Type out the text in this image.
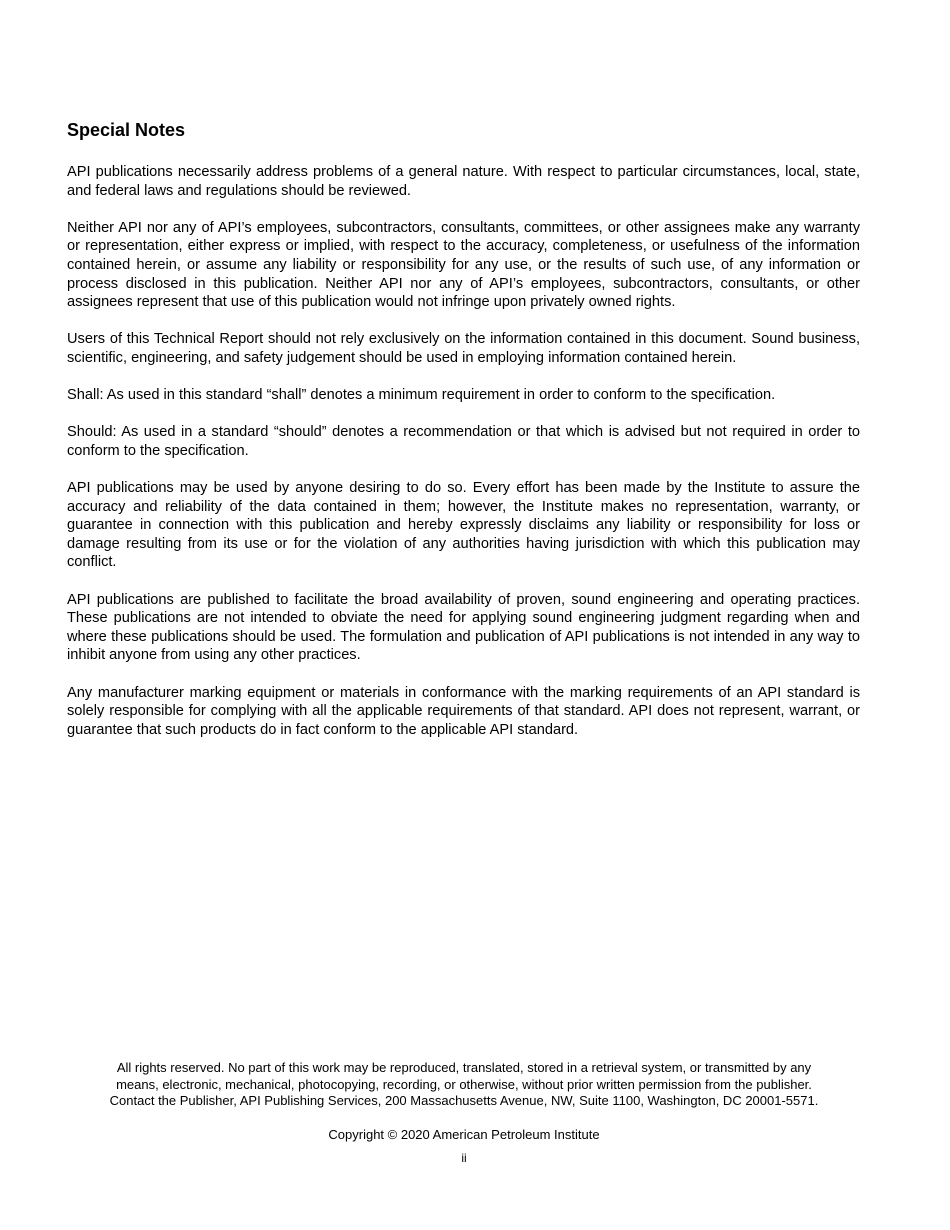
Special Notes

API publications necessarily address problems of a general nature. With respect to particular circumstances, local, state, and federal laws and regulations should be reviewed.

Neither API nor any of API’s employees, subcontractors, consultants, committees, or other assignees make any warranty or representation, either express or implied, with respect to the accuracy, completeness, or usefulness of the information contained herein, or assume any liability or responsibility for any use, or the results of such use, of any information or process disclosed in this publication. Neither API nor any of API’s employees, subcontractors, consultants, or other assignees represent that use of this publication would not infringe upon privately owned rights.

Users of this Technical Report should not rely exclusively on the information contained in this document. Sound business, scientific, engineering, and safety judgement should be used in employing information contained herein.

Shall: As used in this standard “shall” denotes a minimum requirement in order to conform to the specification.

Should: As used in a standard “should” denotes a recommendation or that which is advised but not required in order to conform to the specification.

API publications may be used by anyone desiring to do so. Every effort has been made by the Institute to assure the accuracy and reliability of the data contained in them; however, the Institute makes no representation, warranty, or guarantee in connection with this publication and hereby expressly disclaims any liability or responsibility for loss or damage resulting from its use or for the violation of any authorities having jurisdiction with which this publication may conflict.

API publications are published to facilitate the broad availability of proven, sound engineering and operating practices. These publications are not intended to obviate the need for applying sound engineering judgment regarding when and where these publications should be used. The formulation and publication of API publications is not intended in any way to inhibit anyone from using any other practices.

Any manufacturer marking equipment or materials in conformance with the marking requirements of an API standard is solely responsible for complying with all the applicable requirements of that standard. API does not represent, warrant, or guarantee that such products do in fact conform to the applicable API standard.

All rights reserved. No part of this work may be reproduced, translated, stored in a retrieval system, or transmitted by any
means, electronic, mechanical, photocopying, recording, or otherwise, without prior written permission from the publisher.
Contact the Publisher, API Publishing Services, 200 Massachusetts Avenue, NW, Suite 1100, Washington, DC 20001-5571.
Copyright © 2020 American Petroleum Institute
ii
